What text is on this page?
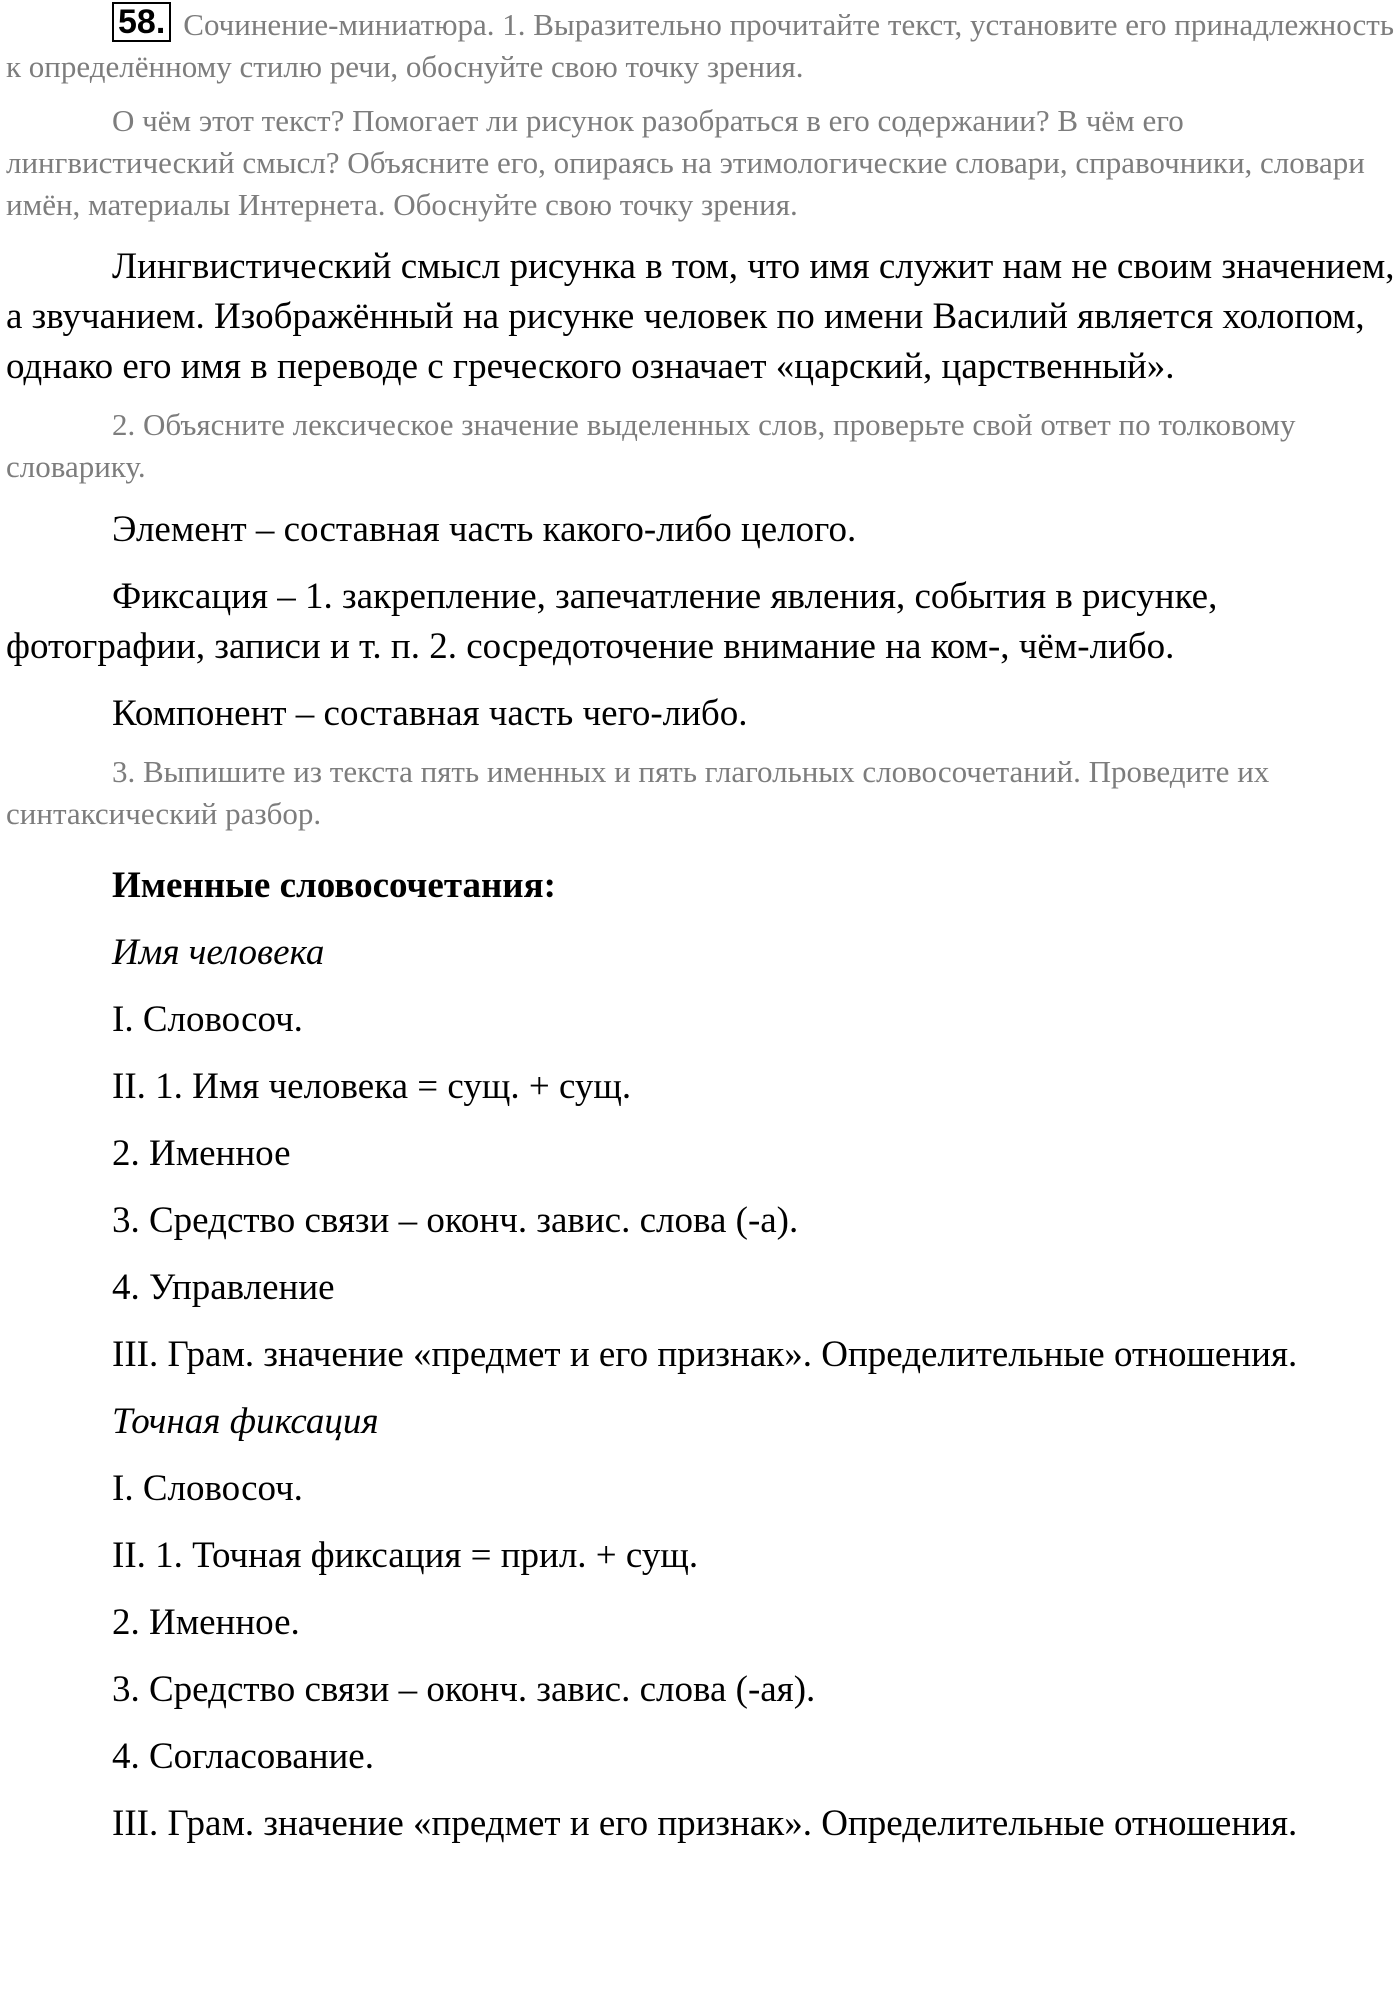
58. Сочинение-миниатюра. 1. Выразительно прочитайте текст, установите его принадлежность к определённому стилю речи, обоснуйте свою точку зрения.

О чём этот текст? Помогает ли рисунок разобраться в его содержании? В чём его лингвистический смысл? Объясните его, опираясь на этимологические словари, справочники, словари имён, материалы Интернета. Обоснуйте свою точку зрения.

Лингвистический смысл рисунка в том, что имя служит нам не своим значением, а звучанием. Изображённый на рисунке человек по имени Василий является холопом, однако его имя в переводе с греческого означает «царский, царственный».

2. Объясните лексическое значение выделенных слов, проверьте свой ответ по толковому словарику.

Элемент – составная часть какого-либо целого.

Фиксация – 1. закрепление, запечатление явления, события в рисунке, фотографии, записи и т. п. 2. сосредоточение внимание на ком-, чём-либо.

Компонент – составная часть чего-либо.

3. Выпишите из текста пять именных и пять глагольных словосочетаний. Проведите их синтаксический разбор.

Именные словосочетания:

Имя человека

I. Словосоч.

II. 1. Имя человека = сущ. + сущ.

2. Именное

3. Средство связи – оконч. завис. слова (-а).

4. Управление

III. Грам. значение «предмет и его признак». Определительные отношения.

Точная фиксация

I. Словосоч.

II. 1. Точная фиксация = прил. + сущ.

2. Именное.

3. Средство связи – оконч. завис. слова (-ая).

4. Согласование.

III. Грам. значение «предмет и его признак». Определительные отношения.
